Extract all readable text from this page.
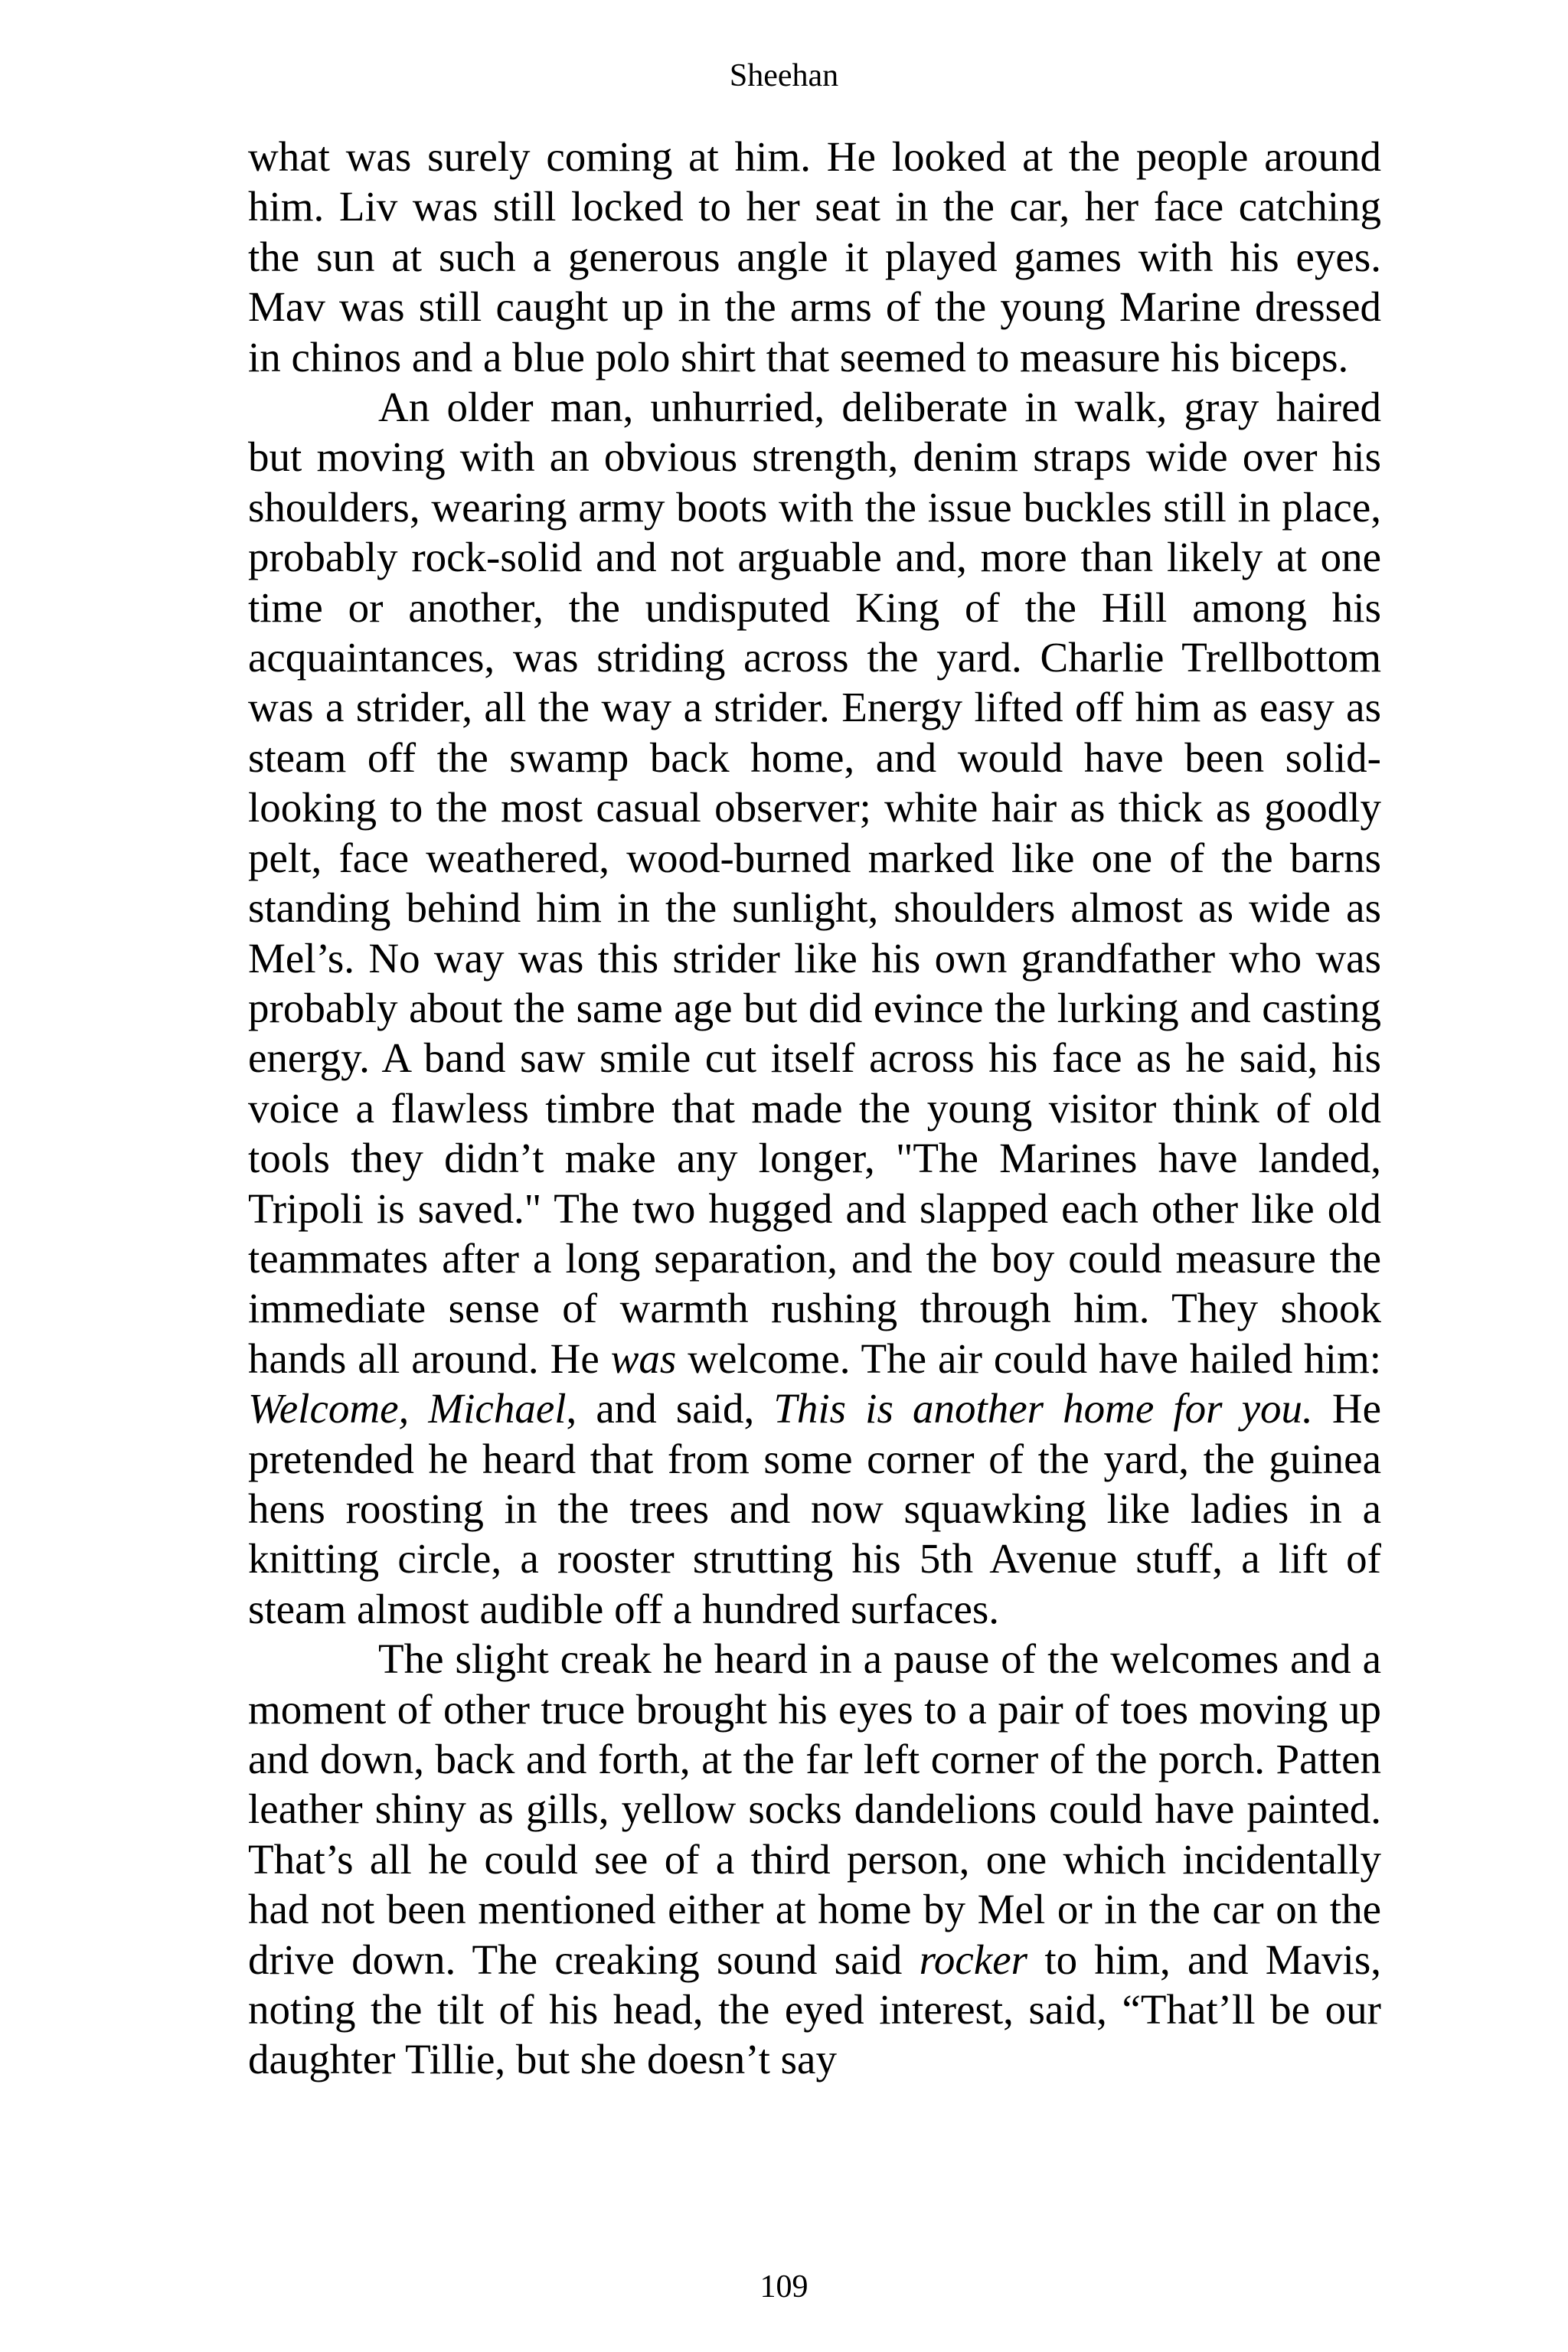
Sheehan

what was surely coming at him. He looked at the people around him. Liv was still locked to her seat in the car, her face catching the sun at such a generous angle it played games with his eyes. Mav was still caught up in the arms of the young Marine dressed in chinos and a blue polo shirt that seemed to measure his biceps.

An older man, unhurried, deliberate in walk, gray haired but moving with an obvious strength, denim straps wide over his shoulders, wearing army boots with the issue buckles still in place, probably rock-solid and not arguable and, more than likely at one time or another, the undisputed King of the Hill among his acquaintances, was striding across the yard. Charlie Trellbottom was a strider, all the way a strider. Energy lifted off him as easy as steam off the swamp back home, and would have been solid-looking to the most casual observer; white hair as thick as goodly pelt, face weathered, wood-burned marked like one of the barns standing behind him in the sunlight, shoulders almost as wide as Mel’s. No way was this strider like his own grandfather who was probably about the same age but did evince the lurking and casting energy. A band saw smile cut itself across his face as he said, his voice a flawless timbre that made the young visitor think of old tools they didn’t make any longer, "The Marines have landed, Tripoli is saved." The two hugged and slapped each other like old teammates after a long separation, and the boy could measure the immediate sense of warmth rushing through him. They shook hands all around. He was welcome. The air could have hailed him: Welcome, Michael, and said, This is another home for you. He pretended he heard that from some corner of the yard, the guinea hens roosting in the trees and now squawking like ladies in a knitting circle, a rooster strutting his 5th Avenue stuff, a lift of steam almost audible off a hundred surfaces.

The slight creak he heard in a pause of the welcomes and a moment of other truce brought his eyes to a pair of toes moving up and down, back and forth, at the far left corner of the porch. Patten leather shiny as gills, yellow socks dandelions could have painted. That’s all he could see of a third person, one which incidentally had not been mentioned either at home by Mel or in the car on the drive down. The creaking sound said rocker to him, and Mavis, noting the tilt of his head, the eyed interest, said, “That’ll be our daughter Tillie, but she doesn’t say

109
